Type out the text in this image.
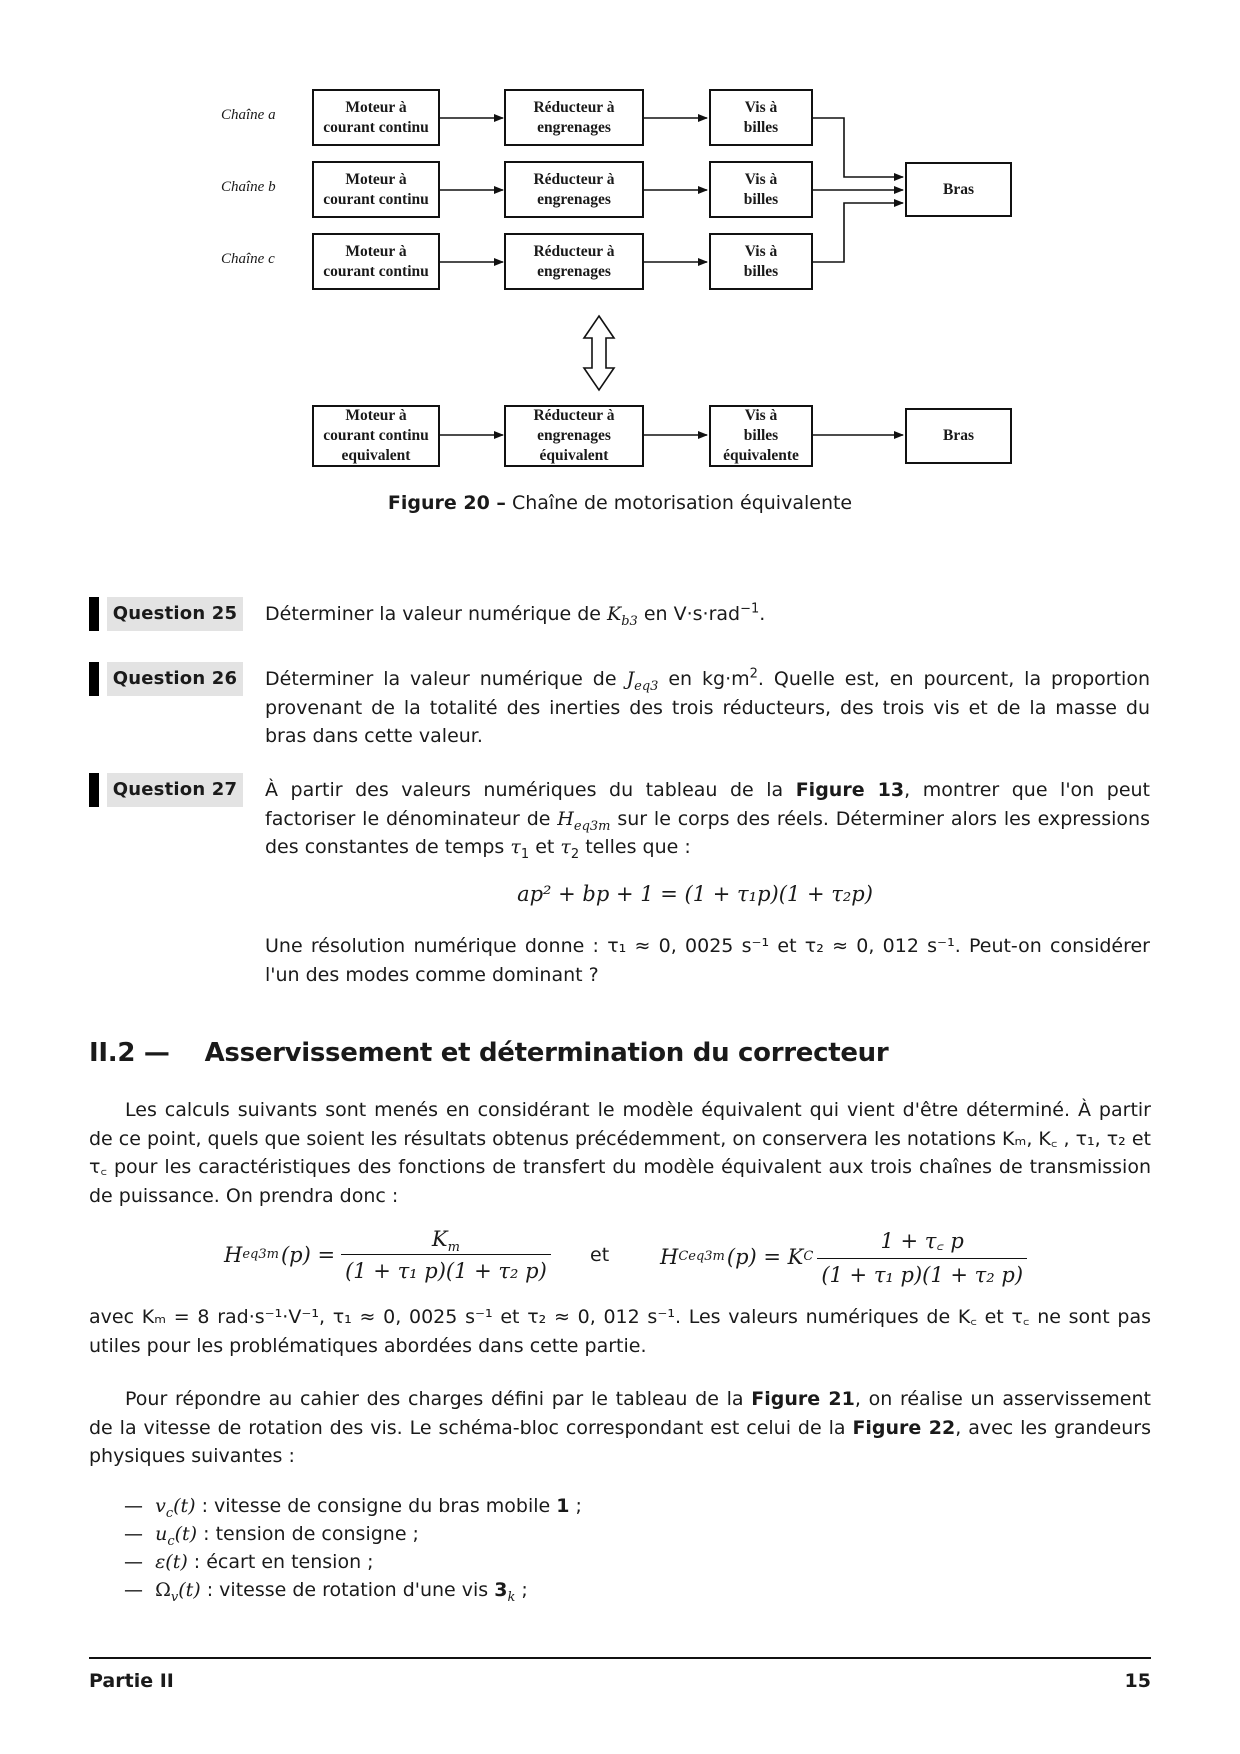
Chaîne a
Chaîne b
Chaîne c
Moteur à
courant continu
Réducteur à
engrenages
Vis à
billes
Moteur à
courant continu
Réducteur à
engrenages
Vis à
billes
Moteur à
courant continu
Réducteur à
engrenages
Vis à
billes
Bras
Moteur à
courant continu
equivalent
Réducteur à
engrenages
équivalent
Vis à
billes
équivalente
Bras
Figure 20 – Chaîne de motorisation équivalente
Question 25	Déterminer la valeur numérique de $K_{b3}$ en V·s·rad$^{-1}$.
Question 26	Déterminer la valeur numérique de $J_{eq3}$ en $kg\cdot m^2$. Quelle est, en pourcent, la proportion provenant de la totalité des inerties des trois réducteurs, des trois vis et de la masse du bras dans cette valeur.
Question 27	À partir des valeurs numériques du tableau de la Figure 13, montrer que l'on peut factoriser le dénominateur de $H_{eq3m}$ sur le corps des réels. Déterminer alors les expressions des constantes de temps $\tau_1$ et $\tau_2$ telles que :
ap² + bp + 1 = (1 + τ₁p)(1 + τ₂p)
Une résolution numérique donne : τ₁ ≈ 0, 0025 s⁻¹ et τ₂ ≈ 0, 012 s⁻¹. Peut-on considérer l'un des modes comme dominant ?
II.2 — Asservissement et détermination du correcteur
Les calculs suivants sont menés en considérant le modèle équivalent qui vient d'être déterminé. À partir de ce point, quels que soient les résultats obtenus précédemment, on conservera les notations Kₘ, K꜀ , τ₁, τ₂ et τ꜀ pour les caractéristiques des fonctions de transfert du modèle équivalent aux trois chaînes de transmission de puissance. On prendra donc :
H eq3m $(p) = \frac{K_m}{\text{(1 + τ₁ p)(1 + τ₂ p)}}$ et H Ceq3m (p) = K C $\frac{1 + \tau꜀ p}{\text{(1 + τ₁ p)(1 + τ₂ p)}}$
avec Kₘ = 8 rad·s⁻¹·V⁻¹, τ₁ ≈ 0, 0025 s⁻¹ et τ₂ ≈ 0, 012 s⁻¹. Les valeurs numériques de K꜀ et τ꜀ ne sont pas utiles pour les problématiques abordées dans cette partie.
Pour répondre au cahier des charges défini par le tableau de la Figure 21, on réalise un asservissement de la vitesse de rotation des vis. Le schéma-bloc correspondant est celui de la Figure 22, avec les grandeurs physiques suivantes :
— $v_c(t)$ : vitesse de consigne du bras mobile 1 ;
— $u_c(t)$ : tension de consigne ;
— ε(t) : écart en tension ;
— $\Omega_v(t)$ : vitesse de rotation d'une vis $3_k$ ;
Partie II	15
